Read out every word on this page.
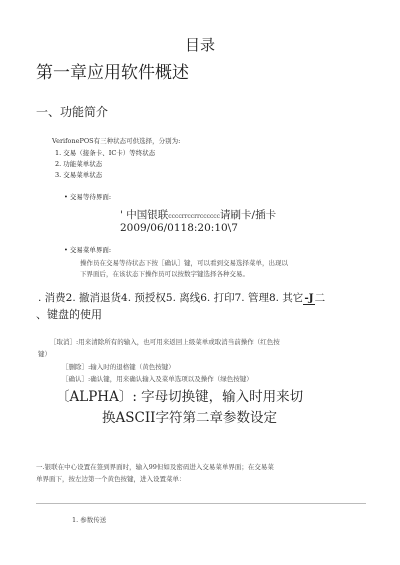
目录
第一章应用软件概述
一、功能简介
VerifonePOS有三种状态可供选择，分别为:
1. 交易（接条卡、IC卡）等终状态
2. 功能菜单状态
3. 交易菜单状态
• 交易等待界面:
' 中国银联ccccrrccrrcccccc请刷卡/插卡
2009/06/0118:20:10\7
• 交易菜单界面:
操作员在交易等待状态下按［确认］键，可以看到交易选择菜单，出现以
下界面后，在该状态下操作员可以按数字键选择各种交易。
. 消费2. 撤消退货4. 预授权5. 离线6. 打印7. 管理8. 其它-J二
、键盘的使用
［取消］:用来清除所有的输入，也可用来返回上级菜单或取消当前操作（红色按
键）
［删除］:输入时的退格键（黄色按键）
［确认］:确认键，用来确认输入及菜单选项以及操作（绿色按键）
〔ALPHA〕: 字母切换键，输入时用来切
换ASCII字符第二章参数设定
一.银联在中心设置在签到界面时，输入99但如及密码进入交易菜单界面；在交易菜
单界面下，按左边第一个黄色按键，进入设置菜单：
1. 参数传送
